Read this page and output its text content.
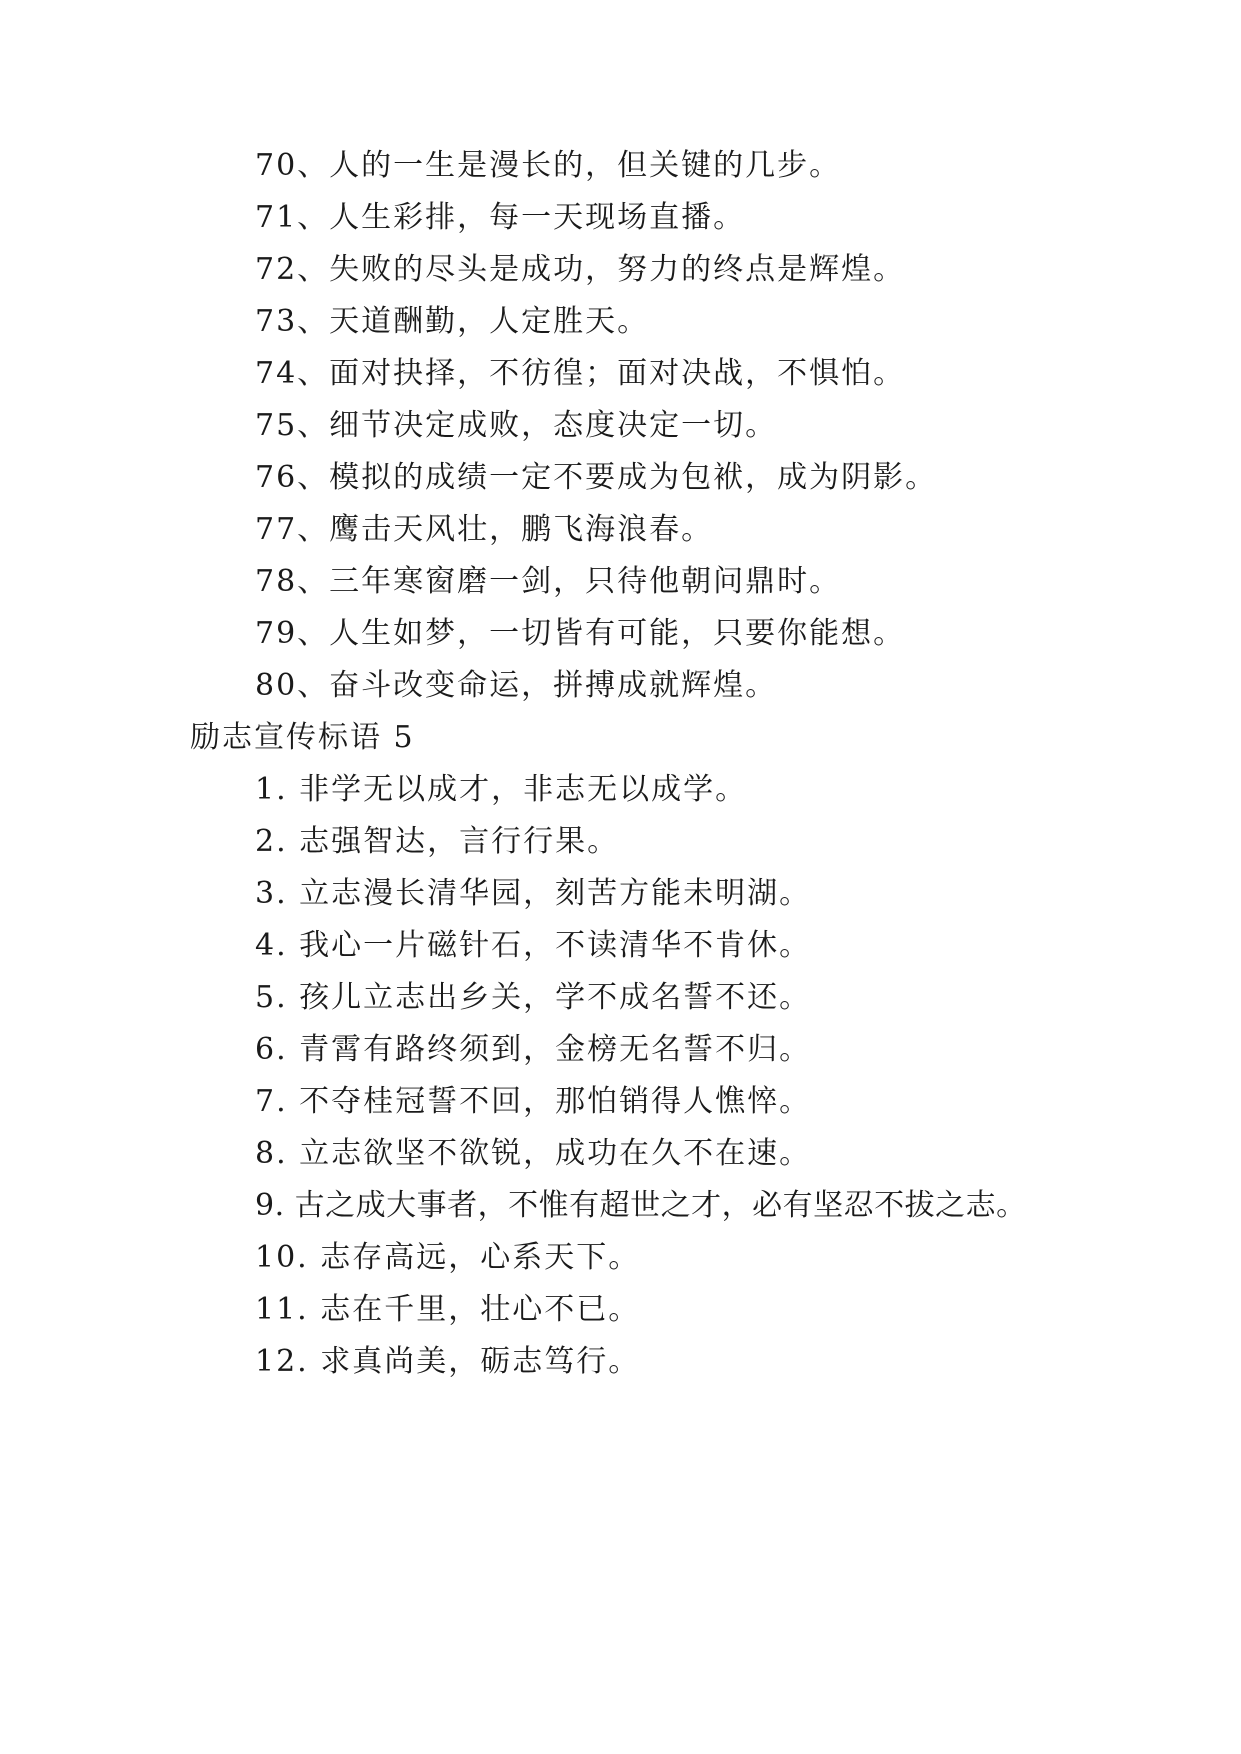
70、人的一生是漫长的，但关键的几步。
71、人生彩排，每一天现场直播。
72、失败的尽头是成功，努力的终点是辉煌。
73、天道酬勤，人定胜天。
74、面对抉择，不彷徨；面对决战，不惧怕。
75、细节决定成败，态度决定一切。
76、模拟的成绩一定不要成为包袱，成为阴影。
77、鹰击天风壮，鹏飞海浪春。
78、三年寒窗磨一剑，只待他朝问鼎时。
79、人生如梦，一切皆有可能，只要你能想。
80、奋斗改变命运，拼搏成就辉煌。
励志宣传标语 5
1. 非学无以成才，非志无以成学。
2. 志强智达，言行行果。
3. 立志漫长清华园，刻苦方能未明湖。
4. 我心一片磁针石，不读清华不肯休。
5. 孩儿立志出乡关，学不成名誓不还。
6. 青霄有路终须到，金榜无名誓不归。
7. 不夺桂冠誓不回，那怕销得人憔悴。
8. 立志欲坚不欲锐，成功在久不在速。
9. 古之成大事者，不惟有超世之才，必有坚忍不拔之志。
10. 志存高远，心系天下。
11. 志在千里，壮心不已。
12. 求真尚美，砺志笃行。
